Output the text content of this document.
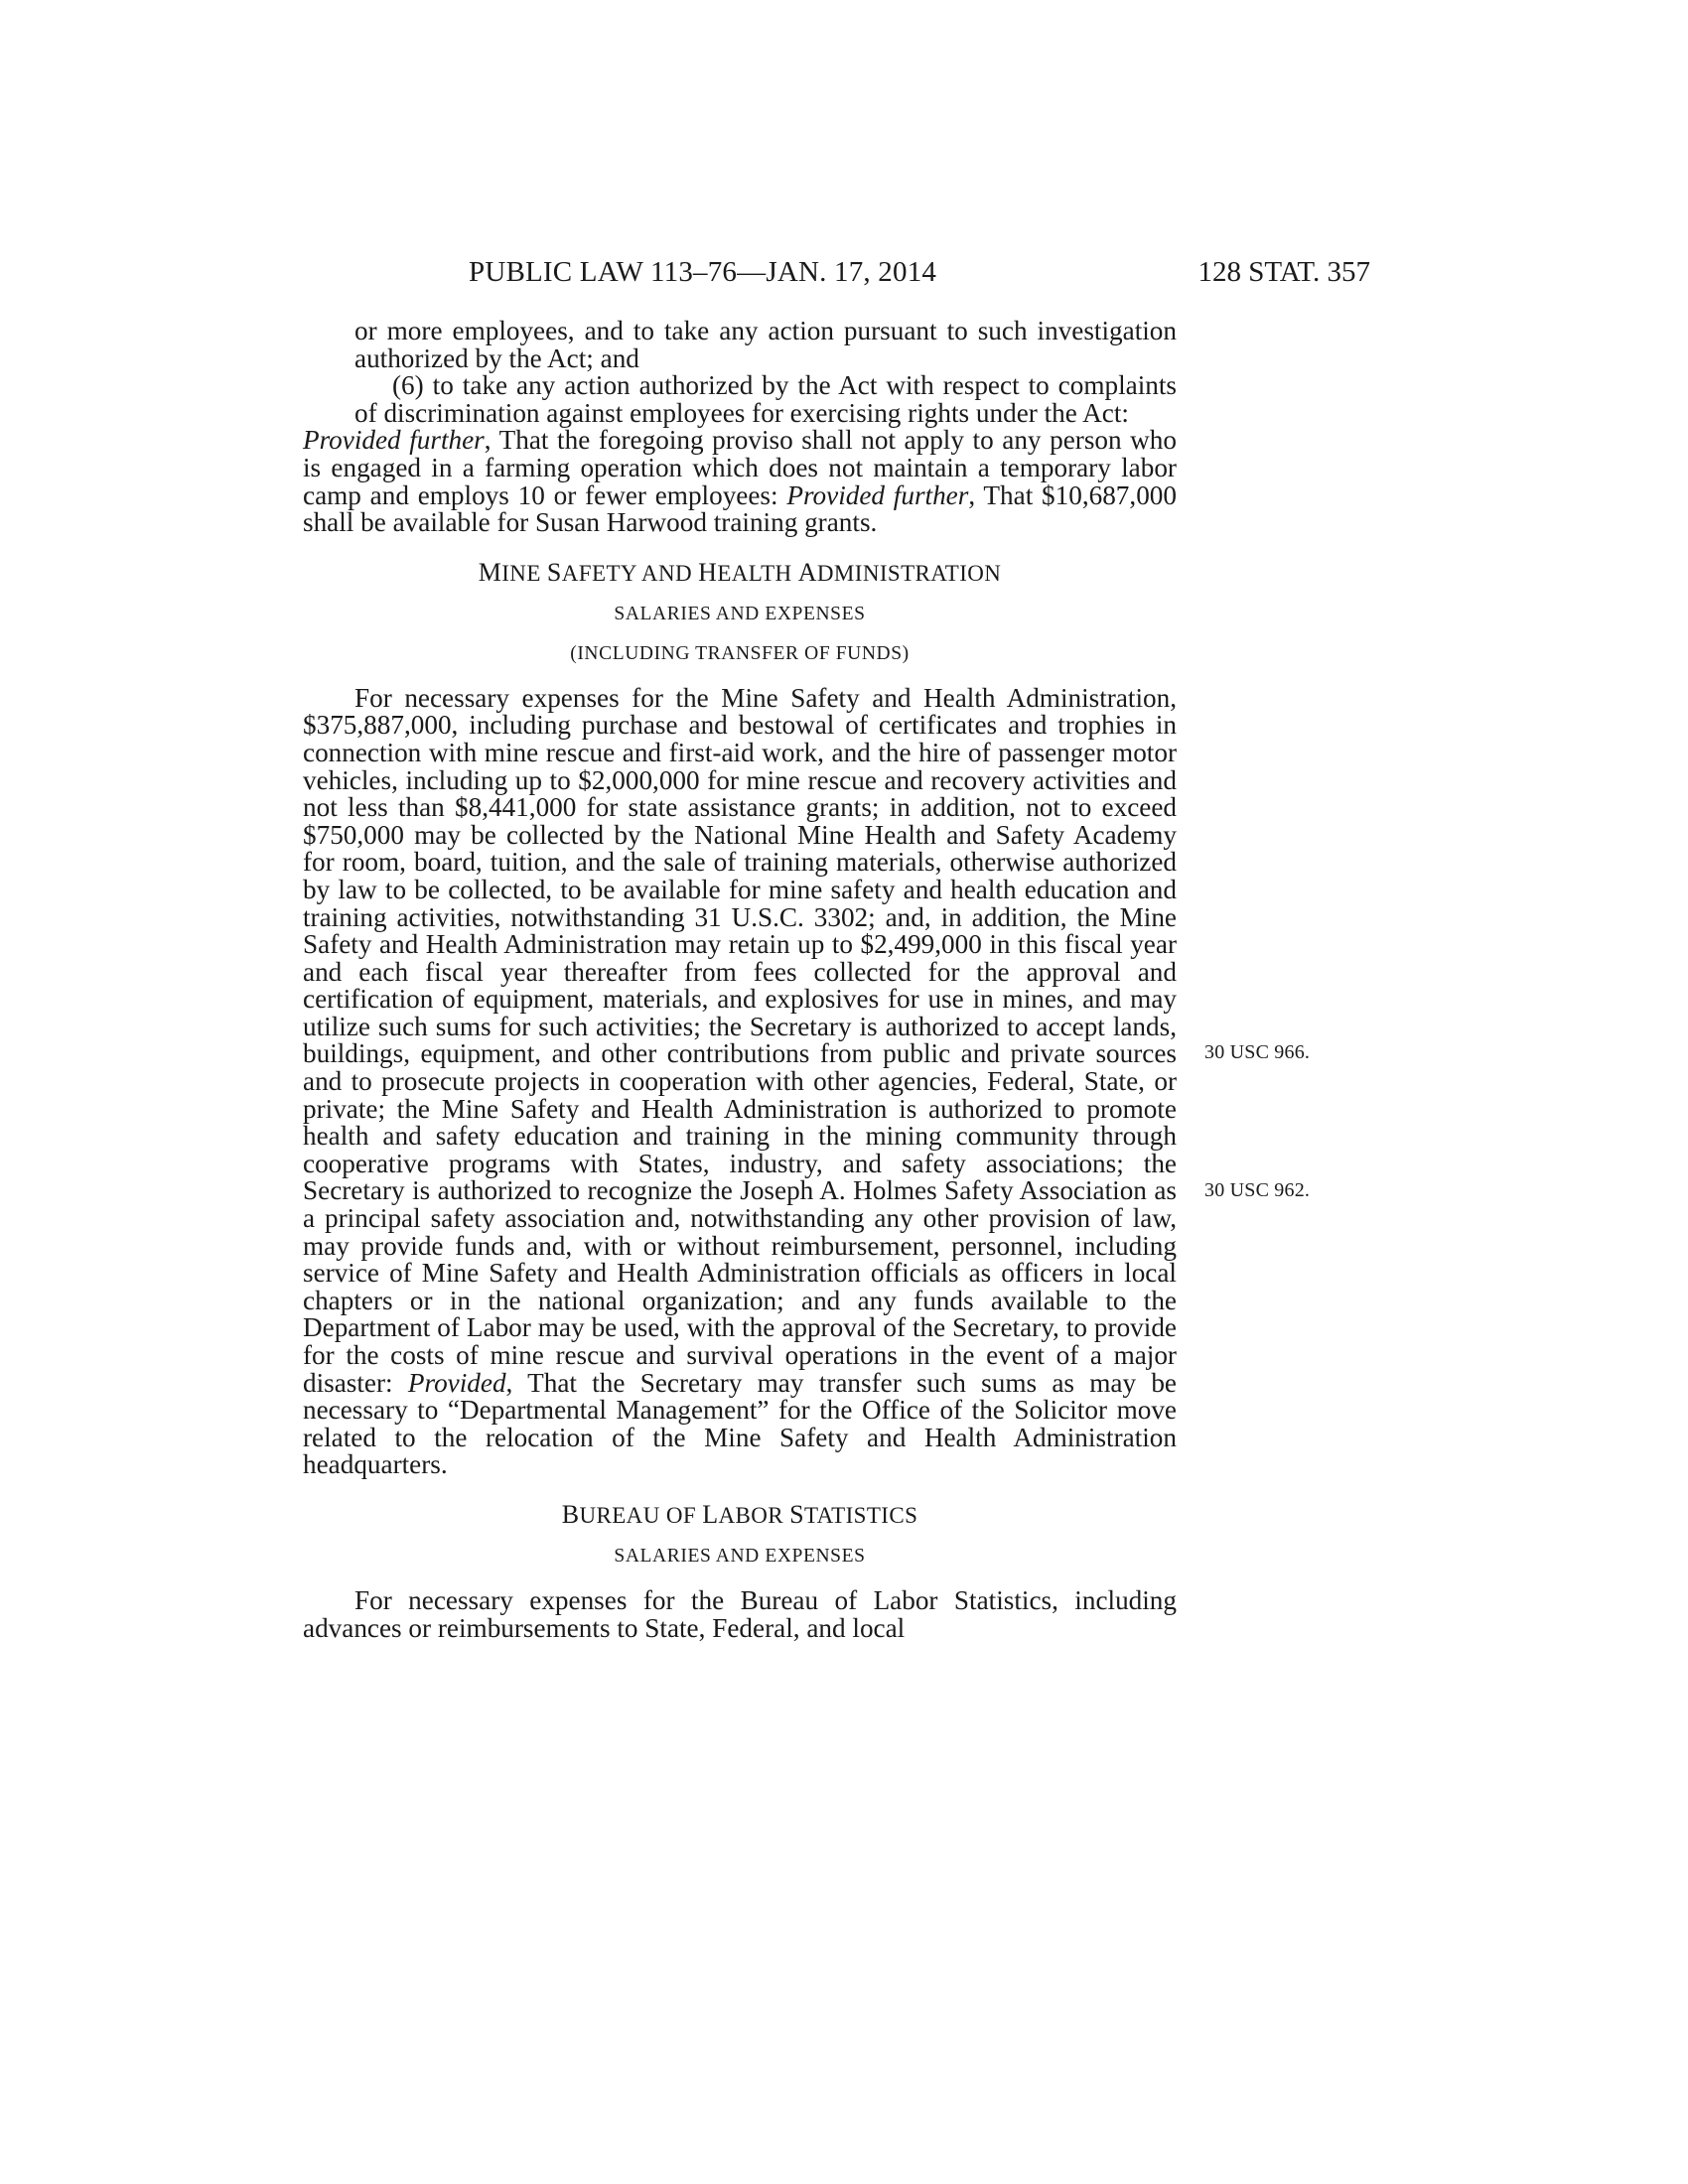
PUBLIC LAW 113–76—JAN. 17, 2014	128 STAT. 357

or more employees, and to take any action pursuant to such investigation authorized by the Act; and

(6) to take any action authorized by the Act with respect to complaints of discrimination against employees for exercising rights under the Act:

Provided further, That the foregoing proviso shall not apply to any person who is engaged in a farming operation which does not maintain a temporary labor camp and employs 10 or fewer employees: Provided further, That $10,687,000 shall be available for Susan Harwood training grants.

MINE SAFETY AND HEALTH ADMINISTRATION

SALARIES AND EXPENSES

(INCLUDING TRANSFER OF FUNDS)

For necessary expenses for the Mine Safety and Health Administration, $375,887,000, including purchase and bestowal of certificates and trophies in connection with mine rescue and first-aid work, and the hire of passenger motor vehicles, including up to $2,000,000 for mine rescue and recovery activities and not less than $8,441,000 for state assistance grants; in addition, not to exceed $750,000 may be collected by the National Mine Health and Safety Academy for room, board, tuition, and the sale of training materials, otherwise authorized by law to be collected, to be available for mine safety and health education and training activities, notwithstanding 31 U.S.C. 3302; and, in addition, the Mine Safety and Health Administration may retain up to $2,499,000 in this fiscal year and each fiscal year thereafter from fees collected for the approval and certification of equipment, materials, and explosives for use in mines, and may utilize such sums for such activities; the Secretary is authorized to accept lands, buildings, equipment, and other contributions from public and private sources and to prosecute projects in cooperation with other agencies, Federal, State, or private; the Mine Safety and Health Administration is authorized to promote health and safety education and training in the mining community through cooperative programs with States, industry, and safety associations; the Secretary is authorized to recognize the Joseph A. Holmes Safety Association as a principal safety association and, notwithstanding any other provision of law, may provide funds and, with or without reimbursement, personnel, including service of Mine Safety and Health Administration officials as officers in local chapters or in the national organization; and any funds available to the Department of Labor may be used, with the approval of the Secretary, to provide for the costs of mine rescue and survival operations in the event of a major disaster: Provided, That the Secretary may transfer such sums as may be necessary to “Departmental Management” for the Office of the Solicitor move related to the relocation of the Mine Safety and Health Administration headquarters.

BUREAU OF LABOR STATISTICS

SALARIES AND EXPENSES

For necessary expenses for the Bureau of Labor Statistics, including advances or reimbursements to State, Federal, and local

30 USC 966.
30 USC 962.
